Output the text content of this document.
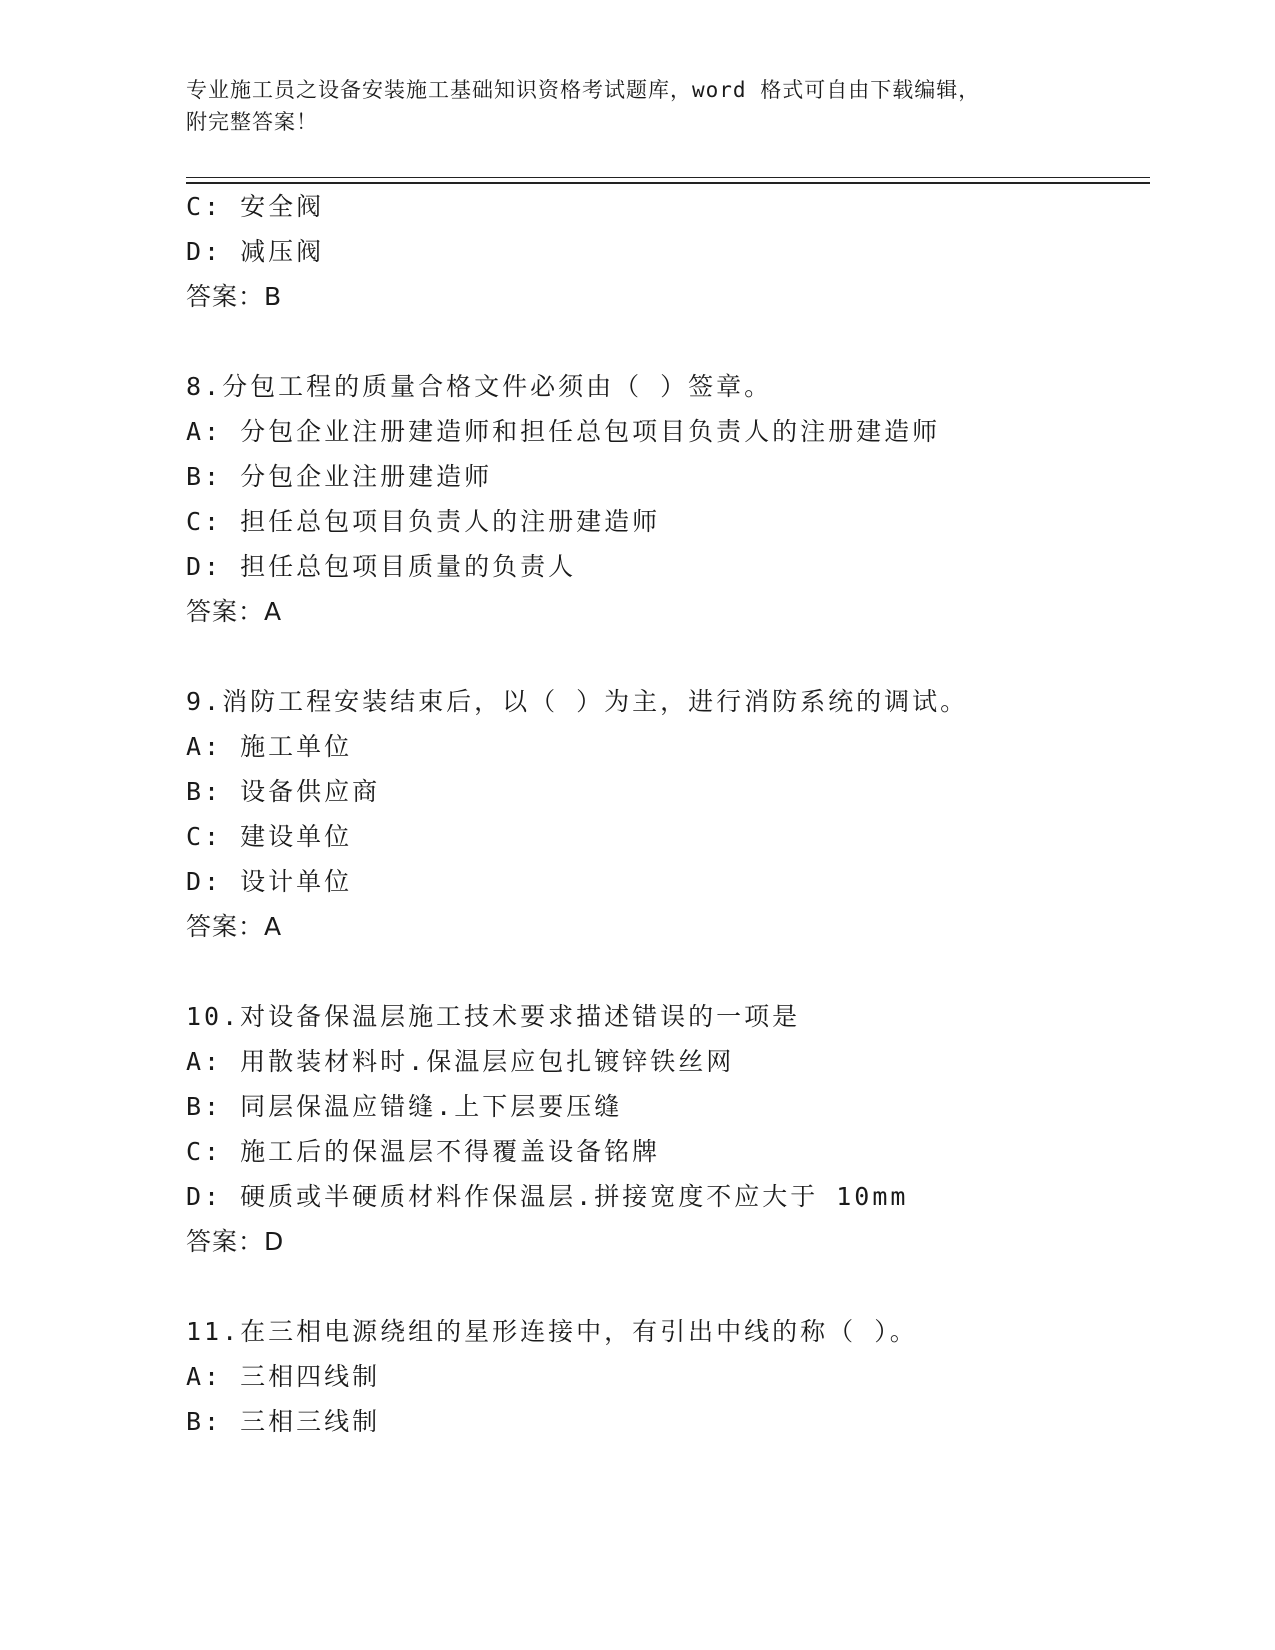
专业施工员之设备安装施工基础知识资格考试题库，word 格式可自由下载编辑，
附完整答案！
C: 安全阀
D: 减压阀
答案：B
8.分包工程的质量合格文件必须由（ ）签章。
A: 分包企业注册建造师和担任总包项目负责人的注册建造师
B: 分包企业注册建造师
C: 担任总包项目负责人的注册建造师
D: 担任总包项目质量的负责人
答案：A
9.消防工程安装结束后，以（ ）为主，进行消防系统的调试。
A: 施工单位
B: 设备供应商
C: 建设单位
D: 设计单位
答案：A
10.对设备保温层施工技术要求描述错误的一项是
A: 用散装材料时.保温层应包扎镀锌铁丝网
B: 同层保温应错缝.上下层要压缝
C: 施工后的保温层不得覆盖设备铭牌
D: 硬质或半硬质材料作保温层.拼接宽度不应大于 10mm
答案：D
11.在三相电源绕组的星形连接中，有引出中线的称（ ）。
A: 三相四线制
B: 三相三线制
